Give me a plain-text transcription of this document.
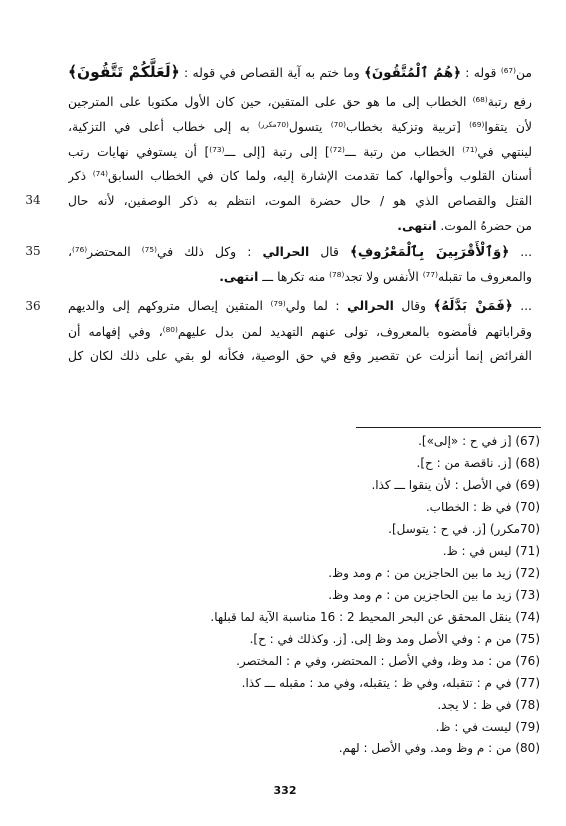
من$^{(67)}$ قوله : ﴿هُمُ ٱلْمُتَّقُونَ﴾ وما ختم به آية القصاص في قوله : ﴿لَعَلَّكُمْ تَتَّقُونَ﴾
رفع رتبة$^{(68)}$ الخطاب إلى ما هو حق على المتقين، حين كان الأول مكتوبا على المترجين
لأن يتقوا$^{(69)}$ [تربية وتزكية بخطاب$^{(70)}$ يتسول$^{(70مكرر)}$ به إلى خطاب أعلى في التزكية،
لينتهي في$^{(71)}$ الخطاب من رتبة ـــ$^{(72)}$] إلى رتبة [إلى ـــ$^{(73)}$] أن يستوفي نهايات رتب
أسنان القلوب وأحوالها، كما تقدمت الإشارة إليه، ولما كان في الخطاب السابق$^{(74)}$ ذكر
القتل والقصاص الذي هو / حال حضرة الموت، انتظم به ذكر الوصفين، لأنه حال
من حضرهُ الموت. انتهى.
... ﴿وَٱلْأَقْرَبِينَ بِٱلْمَعْرُوفِ﴾ قال الحرالي : وكل ذلك في$^{(75)}$ المحتضر$^{(76)}$،
والمعروف ما تقبله$^{(77)}$ الأنفس ولا تجد$^{(78)}$ منه تكرها ـــ انتهى.
... ﴿فَمَنْ بَدَّلَهُ﴾ وقال الحرالي : لما ولي$^{(79)}$ المتقين إيصال متروكهم إلى والديهم
وقراباتهم فأمضوه بالمعروف، تولى عنهم التهديد لمن بدل عليهم$^{(80)}$، وفي إفهامه أن
الفرائض إنما أنزلت عن تقصير وقع في حق الوصية، فكأنه لو بقي على ذلك لكان كل
34
35
36
(67) [ز في ح : «إلى»].
(68) [ز. ناقصة من : ح].
(69) في الأصل : لأن ينقوا ـــ كذا.
(70) في ظ : الخطاب.
(70مكرر) [ز. في ح : يتوسل].
(71) ليس في : ظ.
(72) زيد ما بين الحاجزين من : م ومد وظ.
(73) زيد ما بين الحاجزين من : م ومد وظ.
(74) ينقل المحقق عن البحر المحيط 2 : 16 مناسبة الآية لما قبلها.
(75) من م : وفي الأصل ومد وظ إلى. [ز. وكذلك في : ح].
(76) من : مد وظ، وفي الأصل : المحتضر، وفي م : المختصر.
(77) في م : تتقبله، وفي ظ : يتقبله، وفي مد : مقبله ـــ كذا.
(78) في ظ : لا يجد.
(79) ليست في : ظ.
(80) من : م وظ ومد. وفي الأصل : لهم.
332
